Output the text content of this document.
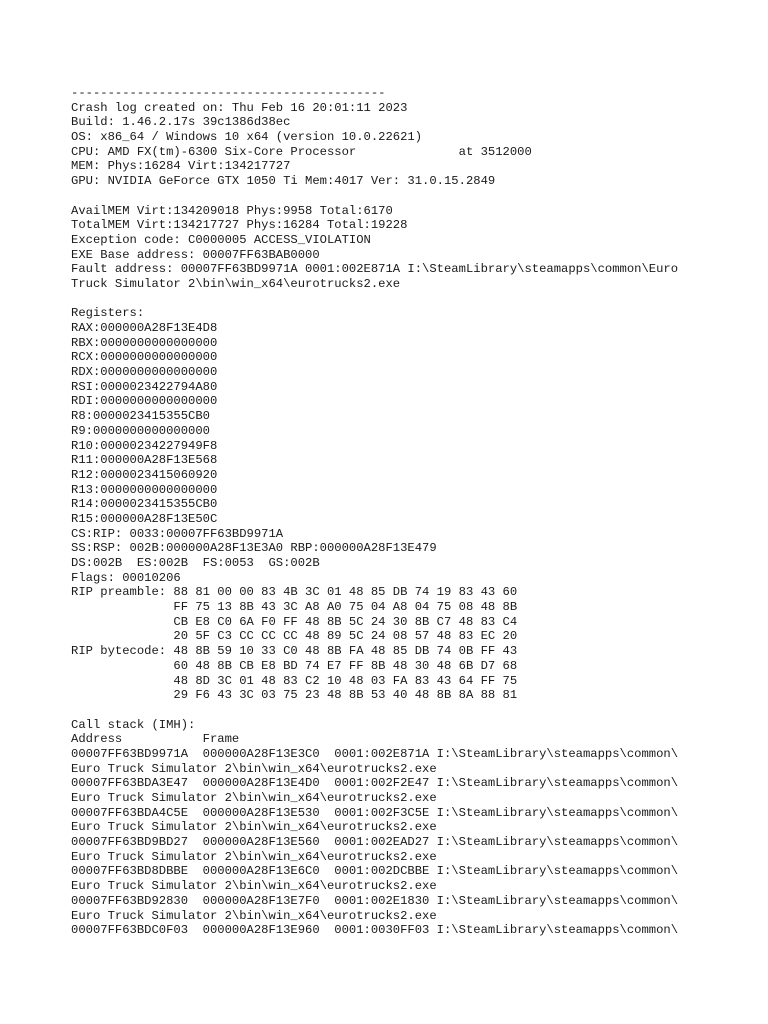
-------------------------------------------
Crash log created on: Thu Feb 16 20:01:11 2023
Build: 1.46.2.17s 39c1386d38ec
OS: x86_64 / Windows 10 x64 (version 10.0.22621)
CPU: AMD FX(tm)-6300 Six-Core Processor              at 3512000
MEM: Phys:16284 Virt:134217727
GPU: NVIDIA GeForce GTX 1050 Ti Mem:4017 Ver: 31.0.15.2849
AvailMEM Virt:134209018 Phys:9958 Total:6170
TotalMEM Virt:134217727 Phys:16284 Total:19228
Exception code: C0000005 ACCESS_VIOLATION
EXE Base address: 00007FF63BAB0000
Fault address: 00007FF63BD9971A 0001:002E871A I:\SteamLibrary\steamapps\common\Euro
Truck Simulator 2\bin\win_x64\eurotrucks2.exe
Registers:
RAX:000000A28F13E4D8
RBX:0000000000000000
RCX:0000000000000000
RDX:0000000000000000
RSI:0000023422794A80
RDI:0000000000000000
R8:0000023415355CB0
R9:0000000000000000
R10:00000234227949F8
R11:000000A28F13E568
R12:0000023415060920
R13:0000000000000000
R14:0000023415355CB0
R15:000000A28F13E50C
CS:RIP: 0033:00007FF63BD9971A
SS:RSP: 002B:000000A28F13E3A0 RBP:000000A28F13E479
DS:002B  ES:002B  FS:0053  GS:002B
Flags: 00010206
RIP preamble: 88 81 00 00 83 4B 3C 01 48 85 DB 74 19 83 43 60
FF 75 13 8B 43 3C A8 A0 75 04 A8 04 75 08 48 8B
CB E8 C0 6A F0 FF 48 8B 5C 24 30 8B C7 48 83 C4
20 5F C3 CC CC CC 48 89 5C 24 08 57 48 83 EC 20
RIP bytecode: 48 8B 59 10 33 C0 48 8B FA 48 85 DB 74 0B FF 43
60 48 8B CB E8 BD 74 E7 FF 8B 48 30 48 6B D7 68
48 8D 3C 01 48 83 C2 10 48 03 FA 83 43 64 FF 75
29 F6 43 3C 03 75 23 48 8B 53 40 48 8B 8A 88 81
Call stack (IMH):
Address           Frame
00007FF63BD9971A  000000A28F13E3C0  0001:002E871A I:\SteamLibrary\steamapps\common\
Euro Truck Simulator 2\bin\win_x64\eurotrucks2.exe
00007FF63BDA3E47  000000A28F13E4D0  0001:002F2E47 I:\SteamLibrary\steamapps\common\
Euro Truck Simulator 2\bin\win_x64\eurotrucks2.exe
00007FF63BDA4C5E  000000A28F13E530  0001:002F3C5E I:\SteamLibrary\steamapps\common\
Euro Truck Simulator 2\bin\win_x64\eurotrucks2.exe
00007FF63BD9BD27  000000A28F13E560  0001:002EAD27 I:\SteamLibrary\steamapps\common\
Euro Truck Simulator 2\bin\win_x64\eurotrucks2.exe
00007FF63BD8DBBE  000000A28F13E6C0  0001:002DCBBE I:\SteamLibrary\steamapps\common\
Euro Truck Simulator 2\bin\win_x64\eurotrucks2.exe
00007FF63BD92830  000000A28F13E7F0  0001:002E1830 I:\SteamLibrary\steamapps\common\
Euro Truck Simulator 2\bin\win_x64\eurotrucks2.exe
00007FF63BDC0F03  000000A28F13E960  0001:0030FF03 I:\SteamLibrary\steamapps\common\
